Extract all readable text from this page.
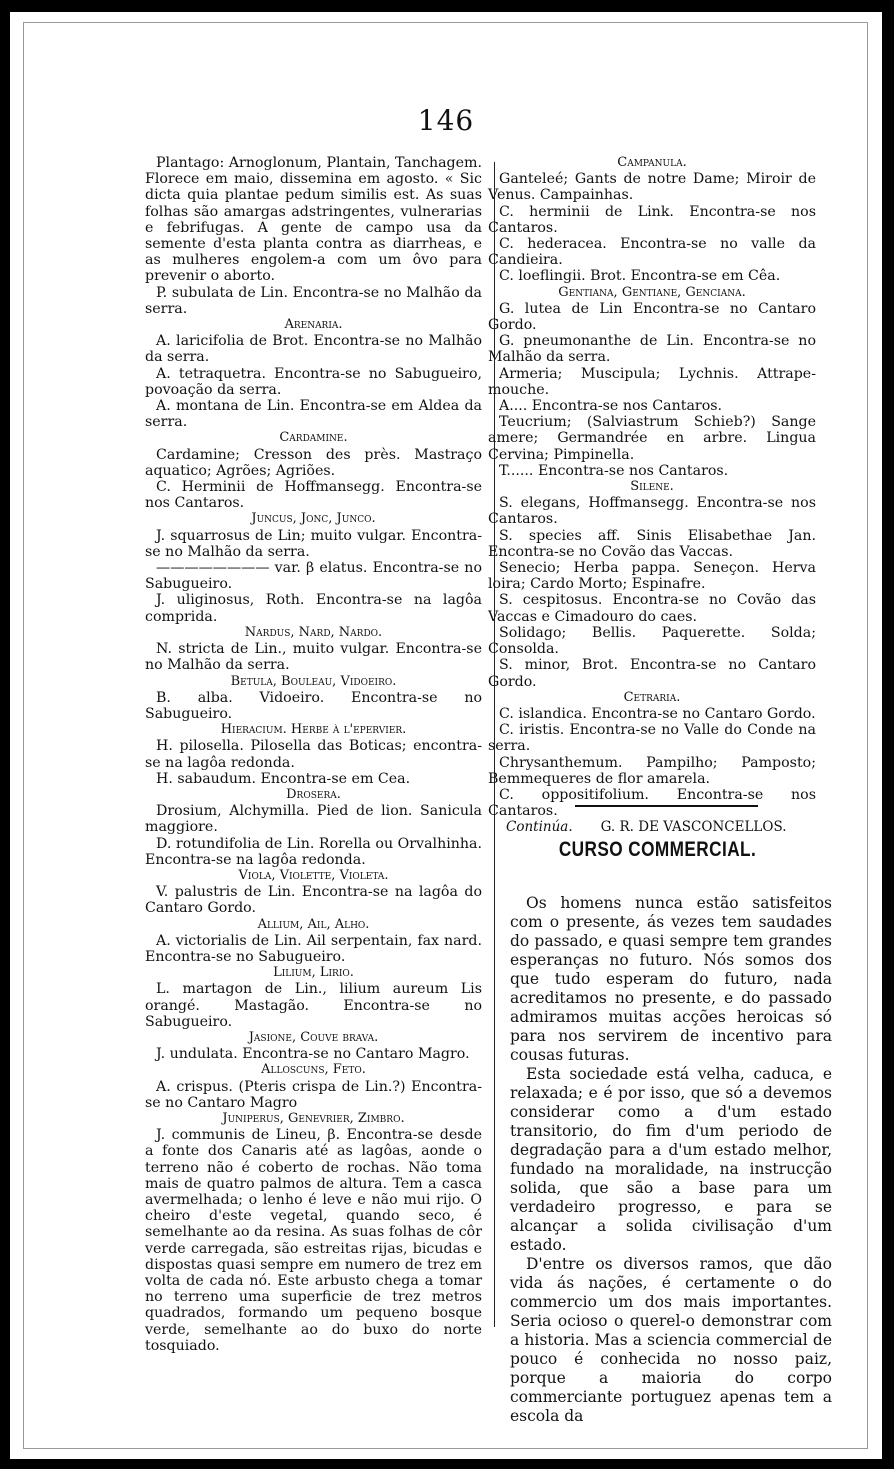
146

Plantago: Arnoglonum, Plantain, Tanchagem. Florece em maio, dissemina em agosto. « Sic dicta quia plantae pedum similis est. As suas folhas são amargas adstringentes, vulnerarias e febrifugas. A gente de campo usa da semente d'esta planta contra as diarrheas, e as mulheres engolem-a com um ôvo para prevenir o aborto.

P. subulata de Lin. Encontra-se no Malhão da serra.

Arenaria.

A. laricifolia de Brot. Encontra-se no Malhão da serra.

A. tetraquetra. Encontra-se no Sabugueiro, povoação da serra.

A. montana de Lin. Encontra-se em Aldea da serra.

Cardamine.

Cardamine; Cresson des près. Mastraço aquatico; Agrões; Agriões.

C. Herminii de Hoffmansegg. Encontra-se nos Cantaros.

Juncus, Jonc, Junco.

J. squarrosus de Lin; muito vulgar. Encontra-se no Malhão da serra.

———————— var. β elatus. Encontra-se no Sabugueiro.

J. uliginosus, Roth. Encontra-se na lagôa comprida.

Nardus, Nard, Nardo.

N. stricta de Lin., muito vulgar. Encontra-se no Malhão da serra.

Betula, Bouleau, Vidoeiro.

B. alba. Vidoeiro. Encontra-se no Sabugueiro.

Hieracium. Herbe à l'epervier.

H. pilosella. Pilosella das Boticas; encontra-se na lagôa redonda.

H. sabaudum. Encontra-se em Cea.

Drosera.

Drosium, Alchymilla. Pied de lion. Sanicula maggiore.

D. rotundifolia de Lin. Rorella ou Orvalhinha. Encontra-se na lagôa redonda.

Viola, Violette, Violeta.

V. palustris de Lin. Encontra-se na lagôa do Cantaro Gordo.

Allium, Ail, Alho.

A. victorialis de Lin. Ail serpentain, fax nard. Encontra-se no Sabugueiro.

Lilium, Lirio.

L. martagon de Lin., lilium aureum Lis orangé. Mastagão. Encontra-se no Sabugueiro.

Jasione, Couve brava.

J. undulata. Encontra-se no Cantaro Magro.

Alloscuns, Feto.

A. crispus. (Pteris crispa de Lin.?) Encontra-se no Cantaro Magro

Juniperus, Genevrier, Zimbro.

J. communis de Lineu, β. Encontra-se desde a fonte dos Canaris até as lagôas, aonde o terreno não é coberto de rochas. Não toma mais de quatro palmos de altura. Tem a casca avermelhada; o lenho é leve e não mui rijo. O cheiro d'este vegetal, quando seco, é semelhante ao da resina. As suas folhas de côr verde carregada, são estreitas rijas, bicudas e dispostas quasi sempre em numero de trez em volta de cada nó. Este arbusto chega a tomar no terreno uma superficie de trez metros quadrados, formando um pequeno bosque verde, semelhante ao do buxo do norte tosquiado.

Campanula.

Ganteleé; Gants de notre Dame; Miroir de Venus. Campainhas.

C. herminii de Link. Encontra-se nos Cantaros.

C. hederacea. Encontra-se no valle da Candieira.

C. loeflingii. Brot. Encontra-se em Cêa.

Gentiana, Gentiane, Genciana.

G. lutea de Lin Encontra-se no Cantaro Gordo.

G. pneumonanthe de Lin. Encontra-se no Malhão da serra.

Armeria; Muscipula; Lychnis. Attrape-mouche.

A.... Encontra-se nos Cantaros.

Teucrium; (Salviastrum Schieb?) Sange amere; Germandrée en arbre. Lingua Cervina; Pimpinella.

T...... Encontra-se nos Cantaros.

Silene.

S. elegans, Hoffmansegg. Encontra-se nos Cantaros.

S. species aff. Sinis Elisabethae Jan. Encontra-se no Covão das Vaccas.

Senecio; Herba pappa. Seneçon. Herva loira; Cardo Morto; Espinafre.

S. cespitosus. Encontra-se no Covão das Vaccas e Cimadouro do caes.

Solidago; Bellis. Paquerette. Solda; Consolda.

S. minor, Brot. Encontra-se no Cantaro Gordo.

Cetraria.

C. islandica. Encontra-se no Cantaro Gordo.

C. iristis. Encontra-se no Valle do Conde na serra.

Chrysanthemum. Pampilho; Pamposto; Bemmequeres de flor amarela.

C. oppositifolium. Encontra-se nos Cantaros.

Continúa. G. R. DE VASCONCELLOS.

CURSO COMMERCIAL.

Os homens nunca estão satisfeitos com o presente, ás vezes tem saudades do passado, e quasi sempre tem grandes esperanças no futuro. Nós somos dos que tudo esperam do futuro, nada acreditamos no presente, e do passado admiramos muitas acções heroicas só para nos servirem de incentivo para cousas futuras.

Esta sociedade está velha, caduca, e relaxada; e é por isso, que só a devemos considerar como a d'um estado transitorio, do fim d'um periodo de degradação para a d'um estado melhor, fundado na moralidade, na instrucção solida, que são a base para um verdadeiro progresso, e para se alcançar a solida civilisação d'um estado.

D'entre os diversos ramos, que dão vida ás nações, é certamente o do commercio um dos mais importantes. Seria ocioso o querel-o demonstrar com a historia. Mas a sciencia commercial de pouco é conhecida no nosso paiz, porque a maioria do corpo commerciante portuguez apenas tem a escola da
